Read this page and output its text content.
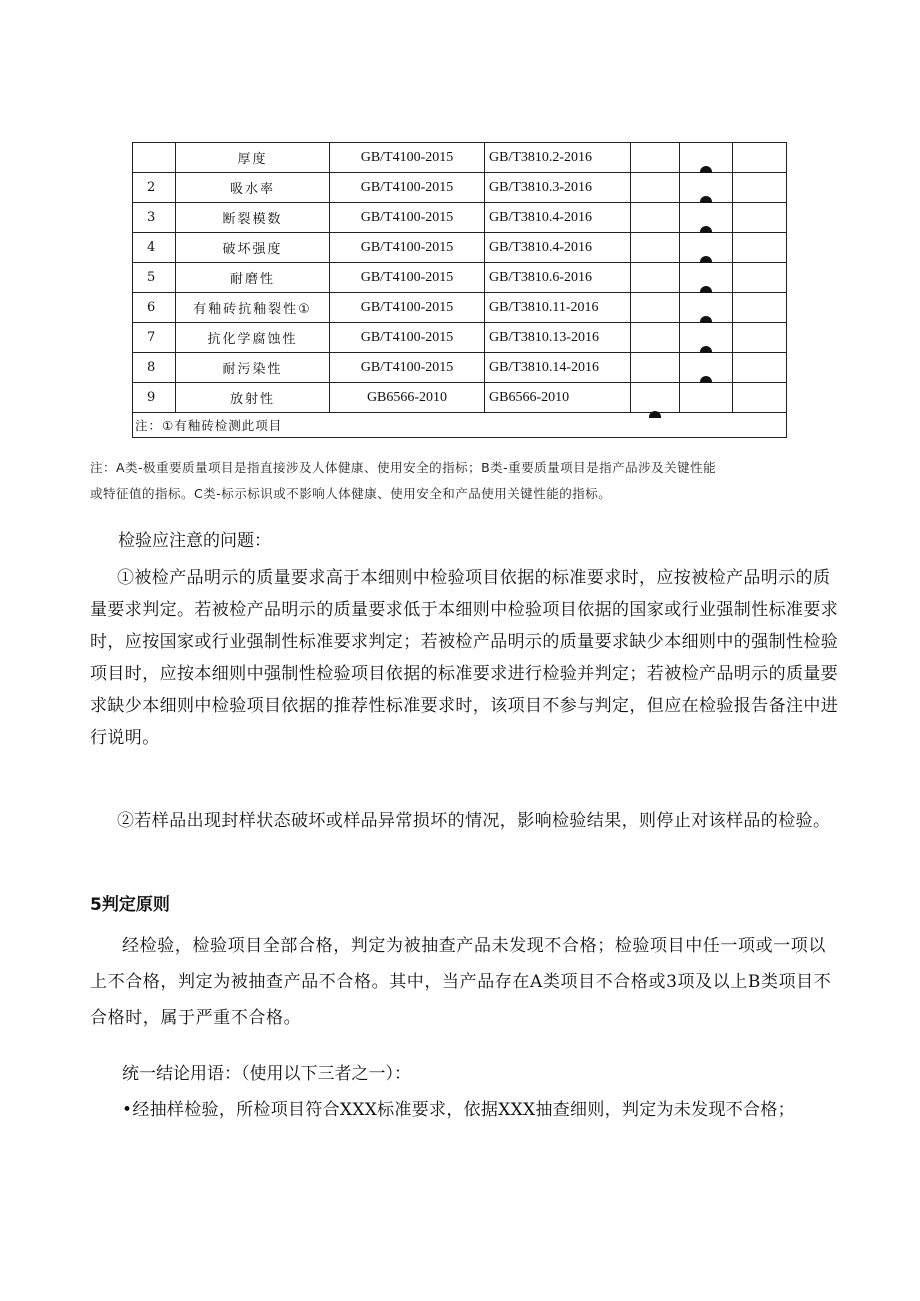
	厚度	GB/T4100-2015	GB/T3810.2-2016		

2	吸水率	GB/T4100-2015	GB/T3810.3-2016		

3	断裂模数	GB/T4100-2015	GB/T3810.4-2016		

4	破坏强度	GB/T4100-2015	GB/T3810.4-2016		

5	耐磨性	GB/T4100-2015	GB/T3810.6-2016		

6	有釉砖抗釉裂性①	GB/T4100-2015	GB/T3810.11-2016		

7	抗化学腐蚀性	GB/T4100-2015	GB/T3810.13-2016		

8	耐污染性	GB/T4100-2015	GB/T3810.14-2016		

9	放射性	GB6566-2010	GB6566-2010	

注：①有釉砖检测此项目						
注：A类-极重要质量项目是指直接涉及人体健康、使用安全的指标；B类-重要质量项目是指产品涉及关键性能
或特征值的指标。C类-标示标识或不影响人体健康、使用安全和产品使用关键性能的指标。
检验应注意的问题：
①被检产品明示的质量要求高于本细则中检验项目依据的标准要求时，应按被检产品明示的质量要求判定。若被检产品明示的质量要求低于本细则中检验项目依据的国家或行业强制性标准要求时，应按国家或行业强制性标准要求判定；若被检产品明示的质量要求缺少本细则中的强制性检验项目时，应按本细则中强制性检验项目依据的标准要求进行检验并判定；若被检产品明示的质量要求缺少本细则中检验项目依据的推荐性标准要求时，该项目不参与判定，但应在检验报告备注中进行说明。
②若样品出现封样状态破坏或样品异常损坏的情况，影响检验结果，则停止对该样品的检验。
5判定原则
经检验，检验项目全部合格，判定为被抽查产品未发现不合格；检验项目中任一项或一项以上不合格，判定为被抽查产品不合格。其中，当产品存在A类项目不合格或3项及以上B类项目不合格时，属于严重不合格。
统一结论用语：（使用以下三者之一）：
•经抽样检验，所检项目符合XXX标准要求，依据XXX抽查细则，判定为未发现不合格；
